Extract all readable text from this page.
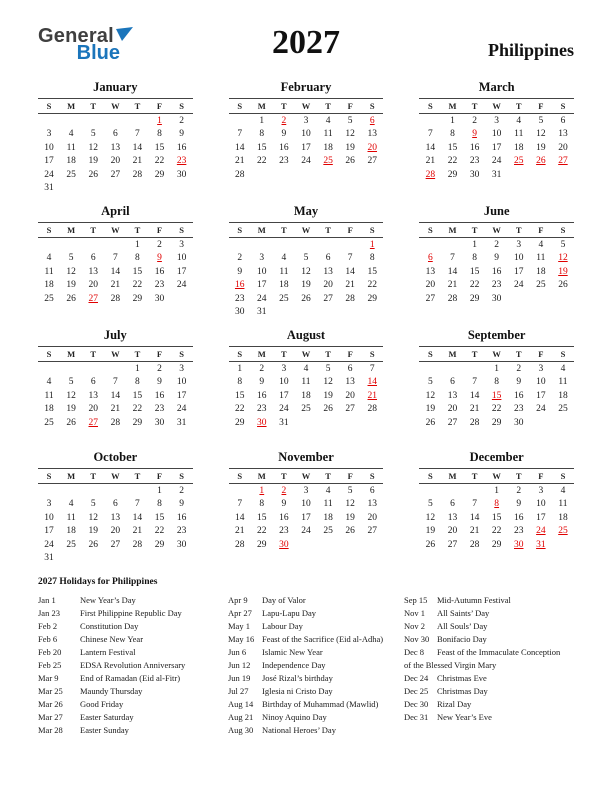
General
Blue	2027	Philippines
January
S	M	T	W	T	F	S
					1	2
3	4	5	6	7	8	9
10	11	12	13	14	15	16
17	18	19	20	21	22	23
24	25	26	27	28	29	30
31						
February
S	M	T	W	T	F	S
	1	2	3	4	5	6
7	8	9	10	11	12	13
14	15	16	17	18	19	20
21	22	23	24	25	26	27
28						
March
S	M	T	W	T	F	S
	1	2	3	4	5	6
7	8	9	10	11	12	13
14	15	16	17	18	19	20
21	22	23	24	25	26	27
28	29	30	31			
April
S	M	T	W	T	F	S
				1	2	3
4	5	6	7	8	9	10
11	12	13	14	15	16	17
18	19	20	21	22	23	24
25	26	27	28	29	30	
May
S	M	T	W	T	F	S
						1
2	3	4	5	6	7	8
9	10	11	12	13	14	15
16	17	18	19	20	21	22
23	24	25	26	27	28	29
30	31					
June
S	M	T	W	T	F	S
		1	2	3	4	5
6	7	8	9	10	11	12
13	14	15	16	17	18	19
20	21	22	23	24	25	26
27	28	29	30			
July
S	M	T	W	T	F	S
				1	2	3
4	5	6	7	8	9	10
11	12	13	14	15	16	17
18	19	20	21	22	23	24
25	26	27	28	29	30	31
August
S	M	T	W	T	F	S
1	2	3	4	5	6	7
8	9	10	11	12	13	14
15	16	17	18	19	20	21
22	23	24	25	26	27	28
29	30	31				
September
S	M	T	W	T	F	S
			1	2	3	4
5	6	7	8	9	10	11
12	13	14	15	16	17	18
19	20	21	22	23	24	25
26	27	28	29	30		
October
S	M	T	W	T	F	S
					1	2
3	4	5	6	7	8	9
10	11	12	13	14	15	16
17	18	19	20	21	22	23
24	25	26	27	28	29	30
31						
November
S	M	T	W	T	F	S
	1	2	3	4	5	6
7	8	9	10	11	12	13
14	15	16	17	18	19	20
21	22	23	24	25	26	27
28	29	30				
December
S	M	T	W	T	F	S
			1	2	3	4
5	6	7	8	9	10	11
12	13	14	15	16	17	18
19	20	21	22	23	24	25
26	27	28	29	30	31	
2027 Holidays for Philippines
Jan 1	New Year’s Day
Jan 23 First Philippine Republic Day
Feb 2	Constitution Day
Feb 6	Chinese New Year
Feb 20 Lantern Festival
Feb 25 EDSA Revolution Anniversary
Mar 9	End of Ramadan (Eid al-Fitr)
Mar 25 Maundy Thursday
Mar 26 Good Friday
Mar 27 Easter Saturday
Mar 28 Easter Sunday
Apr 9 Day of Valor
Apr 27 Lapu-Lapu Day
May 1 Labour Day
May 16 Feast of the Sacrifice (Eid al-Adha)
Jun 6 Islamic New Year
Jun 12 Independence Day
Jun 19 José Rizal’s birthday
Jul 27 Iglesia ni Cristo Day
Aug 14 Birthday of Muhammad (Mawlid)
Aug 21 Ninoy Aquino Day
Aug 30 National Heroes’ Day
Sep 15 Mid-Autumn Festival
Nov 1 All Saints’ Day
Nov 2 All Souls’ Day
Nov 30 Bonifacio Day
Dec 8 Feast of the Immaculate Conception of the Blessed Virgin Mary
Dec 24 Christmas Eve
Dec 25 Christmas Day
Dec 30 Rizal Day
Dec 31 New Year’s Eve
